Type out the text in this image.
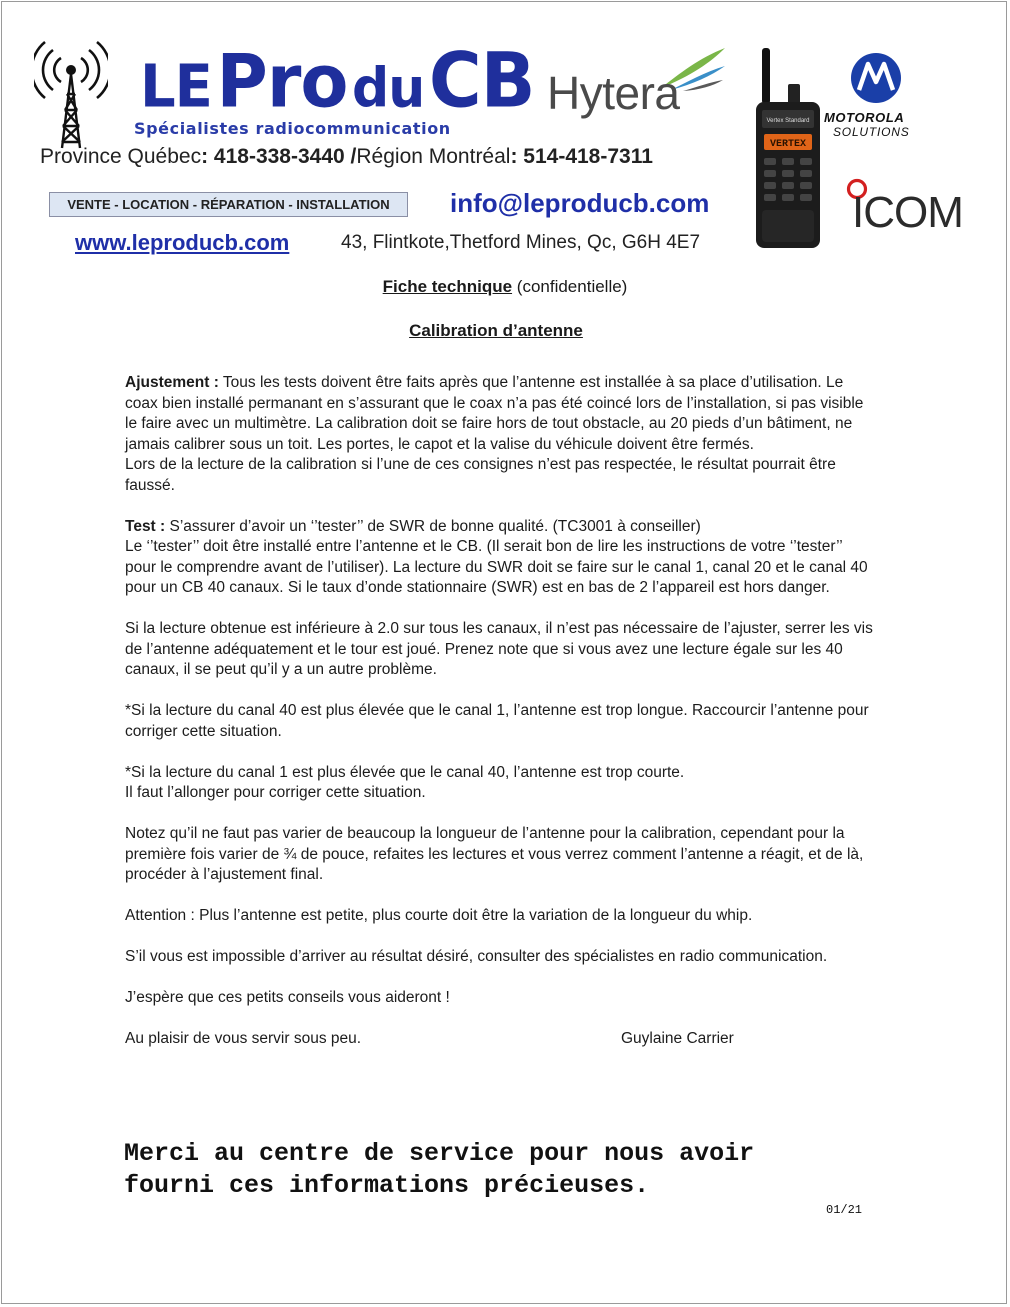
LE Pro du CB
Spécialistes radiocommunication
Hytera
Vertex Standard
VERTEX
MOTOROLA
SOLUTIONS
ICOM
Province Québec: 418-338-3440 /Région Montréal: 514-418-7311
VENTE - LOCATION - RÉPARATION - INSTALLATION	info@leproducb.com
www.leproducb.com	43, Flintkote,Thetford Mines, Qc, G6H 4E7
Fiche technique (confidentielle)
Calibration d’antenne

Ajustement : Tous les tests doivent être faits après que l’antenne est installée à sa place d’utilisation. Le coax bien installé permanant en s’assurant que le coax n’a pas été coincé lors de l’installation, si pas visible le faire avec un multimètre. La calibration doit se faire hors de tout obstacle, au 20 pieds d’un bâtiment, ne jamais calibrer sous un toit. Les portes, le capot et la valise du véhicule doivent être fermés.
Lors de la lecture de la calibration si l’une de ces consignes n’est pas respectée, le résultat pourrait être faussé.

Test : S’assurer d’avoir un ‘’tester’’ de SWR de bonne qualité. (TC3001 à conseiller)
Le ‘’tester’’ doit être installé entre l’antenne et le CB. (Il serait bon de lire les instructions de votre ‘’tester’’ pour le comprendre avant de l’utiliser). La lecture du SWR doit se faire sur le canal 1, canal 20 et le canal 40 pour un CB 40 canaux. Si le taux d’onde stationnaire (SWR) est en bas de 2 l’appareil est hors danger.

Si la lecture obtenue est inférieure à 2.0 sur tous les canaux, il n’est pas nécessaire de l’ajuster, serrer les vis de l’antenne adéquatement et le tour est joué. Prenez note que si vous avez une lecture égale sur les 40 canaux, il se peut qu’il y a un autre problème.

*Si la lecture du canal 40 est plus élevée que le canal 1, l’antenne est trop longue. Raccourcir l’antenne pour corriger cette situation.

*Si la lecture du canal 1 est plus élevée que le canal 40, l’antenne est trop courte.
Il faut l’allonger pour corriger cette situation.

Notez qu’il ne faut pas varier de beaucoup la longueur de l’antenne pour la calibration, cependant pour la première fois varier de ¾ de pouce, refaites les lectures et vous verrez comment l’antenne a réagit, et de là, procéder à l’ajustement final.

Attention : Plus l’antenne est petite, plus courte doit être la variation de la longueur du whip.

S’il vous est impossible d’arriver au résultat désiré, consulter des spécialistes en radio communication.

J’espère que ces petits conseils vous aideront !

Au plaisir de vous servir sous peu.	Guylaine Carrier
Merci au centre de service pour nous avoir
fourni ces informations précieuses.
01/21
